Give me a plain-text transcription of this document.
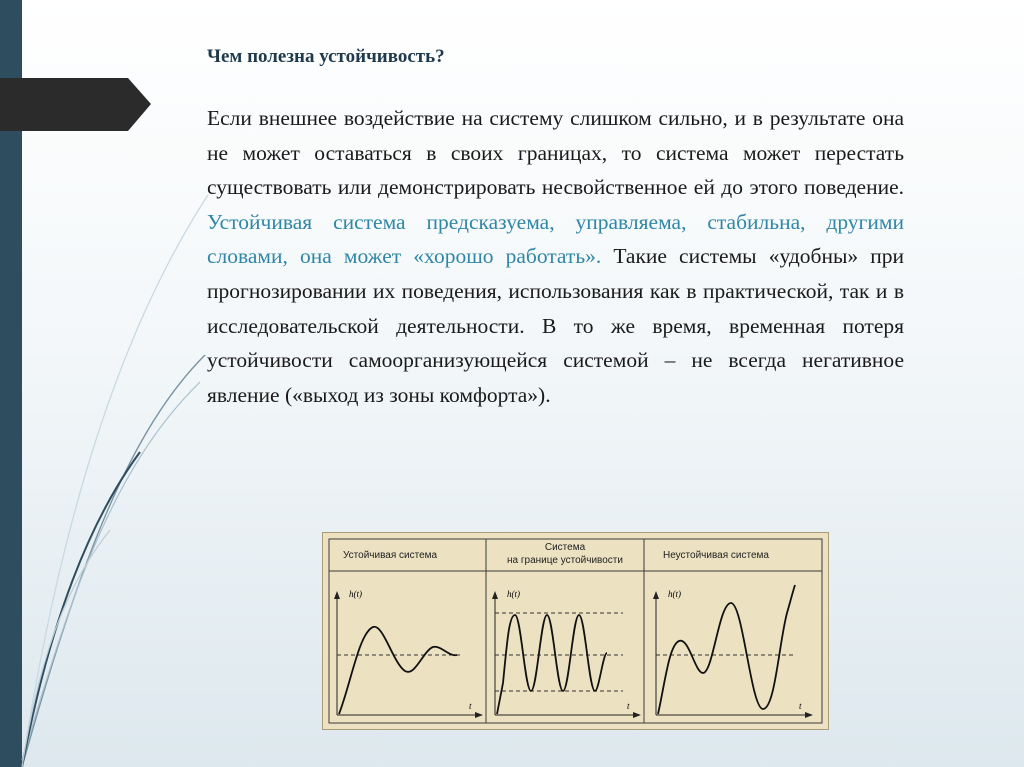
Чем полезна устойчивость?

Если внешнее воздействие на систему слишком сильно, и в результате она не может оставаться в своих границах, то система может перестать существовать или демонстрировать несвойственное ей до этого поведение. Устойчивая система предсказуема, управляема, стабильна, другими словами, она может «хорошо работать». Такие системы «удобны» при прогнозировании их поведения, использования как в практической, так и в исследовательской деятельности. В то же время, временная потеря устойчивости самоорганизующейся системой – не всегда негативное явление («выход из зоны комфорта»).

Устойчивая система
Система
на границе устойчивости	Неустойчивая система
h(t)
t
h(t)
t
h(t)
t
